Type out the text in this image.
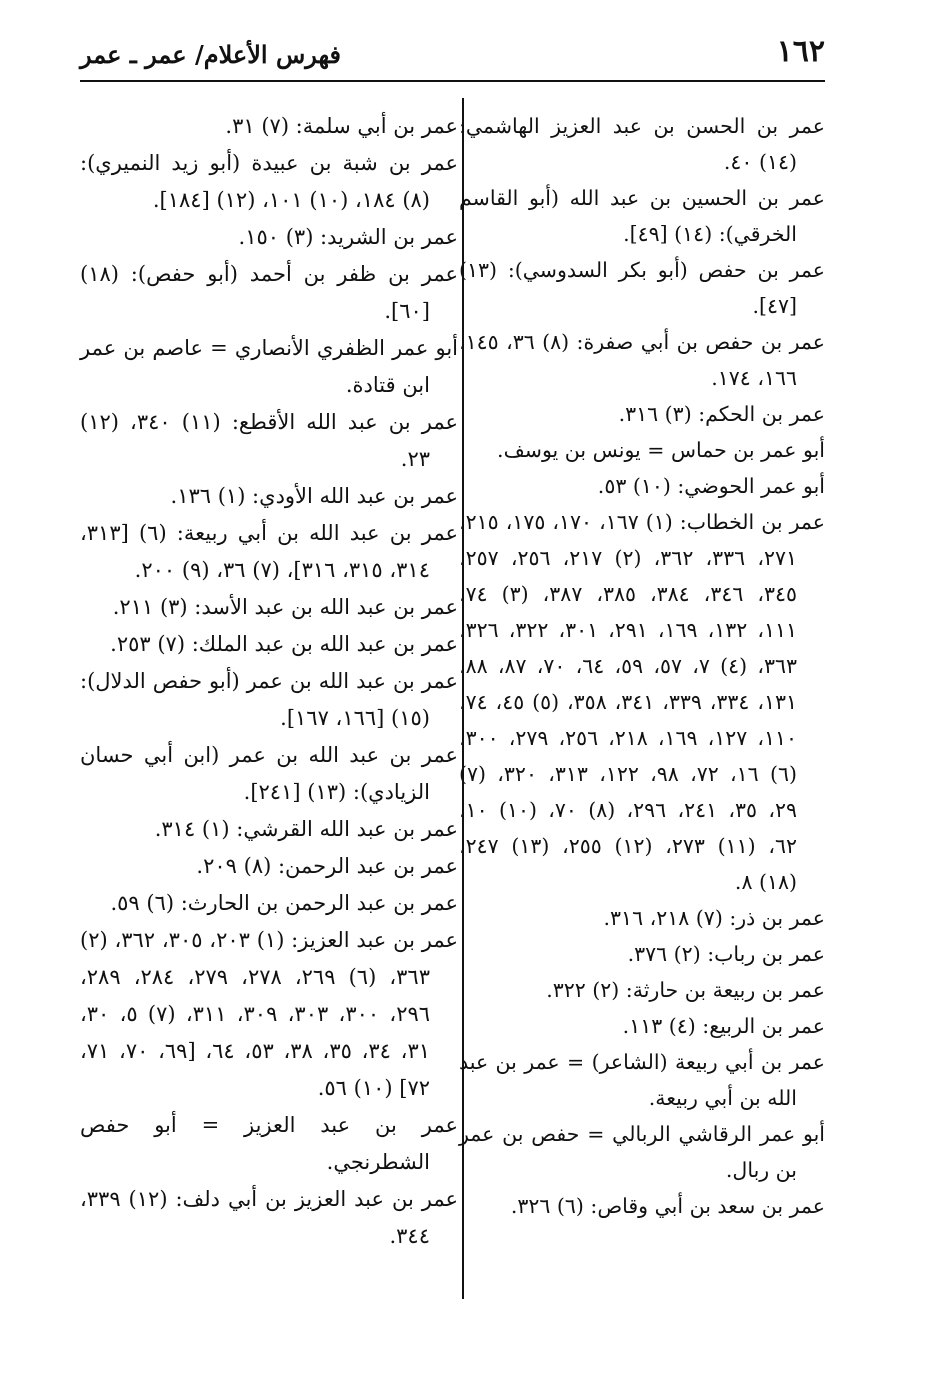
١٦٢
فهرس الأعلام/ عمر ـ عمر

عمر بن الحسن بن عبد العزيز الهاشمي: (١٤) ٤٠.

عمر بن الحسين بن عبد الله (أبو القاسم الخرقي): (١٤) [٤٩].

عمر بن حفص (أبو بكر السدوسي): (١٣) [٤٧].

عمر بن حفص بن أبي صفرة: (٨) ٣٦، ١٤٥، ١٦٦، ١٧٤.

عمر بن الحكم: (٣) ٣١٦.

أبو عمر بن حماس = يونس بن يوسف.

أبو عمر الحوضي: (١٠) ٥٣.

عمر بن الخطاب: (١) ١٦٧، ١٧٠، ١٧٥، ٢١٥، ٢٧١، ٣٣٦، ٣٦٢، (٢) ٢١٧، ٢٥٦، ٢٥٧، ٣٤٥، ٣٤٦، ٣٨٤، ٣٨٥، ٣٨٧، (٣) ٧٤، ١١١، ١٣٢، ١٦٩، ٢٩١، ٣٠١، ٣٢٢، ٣٢٦، ٣٦٣، (٤) ٧، ٥٧، ٥٩، ٦٤، ٧٠، ٨٧، ٨٨، ١٣١، ٣٣٤، ٣٣٩، ٣٤١، ٣٥٨، (٥) ٤٥، ٧٤، ١١٠، ١٢٧، ١٦٩، ٢١٨، ٢٥٦، ٢٧٩، ٣٠٠، (٦) ١٦، ٧٢، ٩٨، ١٢٢، ٣١٣، ٣٢٠، (٧) ٢٩، ٣٥، ٢٤١، ٢٩٦، (٨) ٧٠، (١٠) ١٠، ٦٢، (١١) ٢٧٣، (١٢) ٢٥٥، (١٣) ٢٤٧، (١٨) ٨.

عمر بن ذر: (٧) ٢١٨، ٣١٦.

عمر بن رباب: (٢) ٣٧٦.

عمر بن ربيعة بن حارثة: (٢) ٣٢٢.

عمر بن الربيع: (٤) ١١٣.

عمر بن أبي ربيعة (الشاعر) = عمر بن عبد الله بن أبي ربيعة.

أبو عمر الرقاشي الربالي = حفص بن عمر بن ربال.

عمر بن سعد بن أبي وقاص: (٦) ٣٢٦.

عمر بن أبي سلمة: (٧) ٣١.

عمر بن شبة بن عبيدة (أبو زيد النميري): (٨) ١٨٤، (١٠) ١٠١، (١٢) [١٨٤].

عمر بن الشريد: (٣) ١٥٠.

عمر بن ظفر بن أحمد (أبو حفص): (١٨) [٦٠].

أبو عمر الظفري الأنصاري = عاصم بن عمر ابن قتادة.

عمر بن عبد الله الأقطع: (١١) ٣٤٠، (١٢) ٢٣.

عمر بن عبد الله الأودي: (١) ١٣٦.

عمر بن عبد الله بن أبي ربيعة: (٦) [٣١٣، ٣١٤، ٣١٥، ٣١٦]، (٧) ٣٦، (٩) ٢٠٠.

عمر بن عبد الله بن عبد الأسد: (٣) ٢١١.

عمر بن عبد الله بن عبد الملك: (٧) ٢٥٣.

عمر بن عبد الله بن عمر (أبو حفص الدلال): (١٥) [١٦٦، ١٦٧].

عمر بن عبد الله بن عمر (ابن أبي حسان الزيادي): (١٣) [٢٤١].

عمر بن عبد الله القرشي: (١) ٣١٤.

عمر بن عبد الرحمن: (٨) ٢٠٩.

عمر بن عبد الرحمن بن الحارث: (٦) ٥٩.

عمر بن عبد العزيز: (١) ٢٠٣، ٣٠٥، ٣٦٢، (٢) ٣٦٣، (٦) ٢٦٩، ٢٧٨، ٢٧٩، ٢٨٤، ٢٨٩، ٢٩٦، ٣٠٠، ٣٠٣، ٣٠٩، ٣١١، (٧) ٥، ٣٠، ٣١، ٣٤، ٣٥، ٣٨، ٥٣، ٦٤، [٦٩، ٧٠، ٧١، ٧٢] (١٠) ٥٦.

عمر بن عبد العزيز = أبو حفص الشطرنجي.

عمر بن عبد العزيز بن أبي دلف: (١٢) ٣٣٩، ٣٤٤.
